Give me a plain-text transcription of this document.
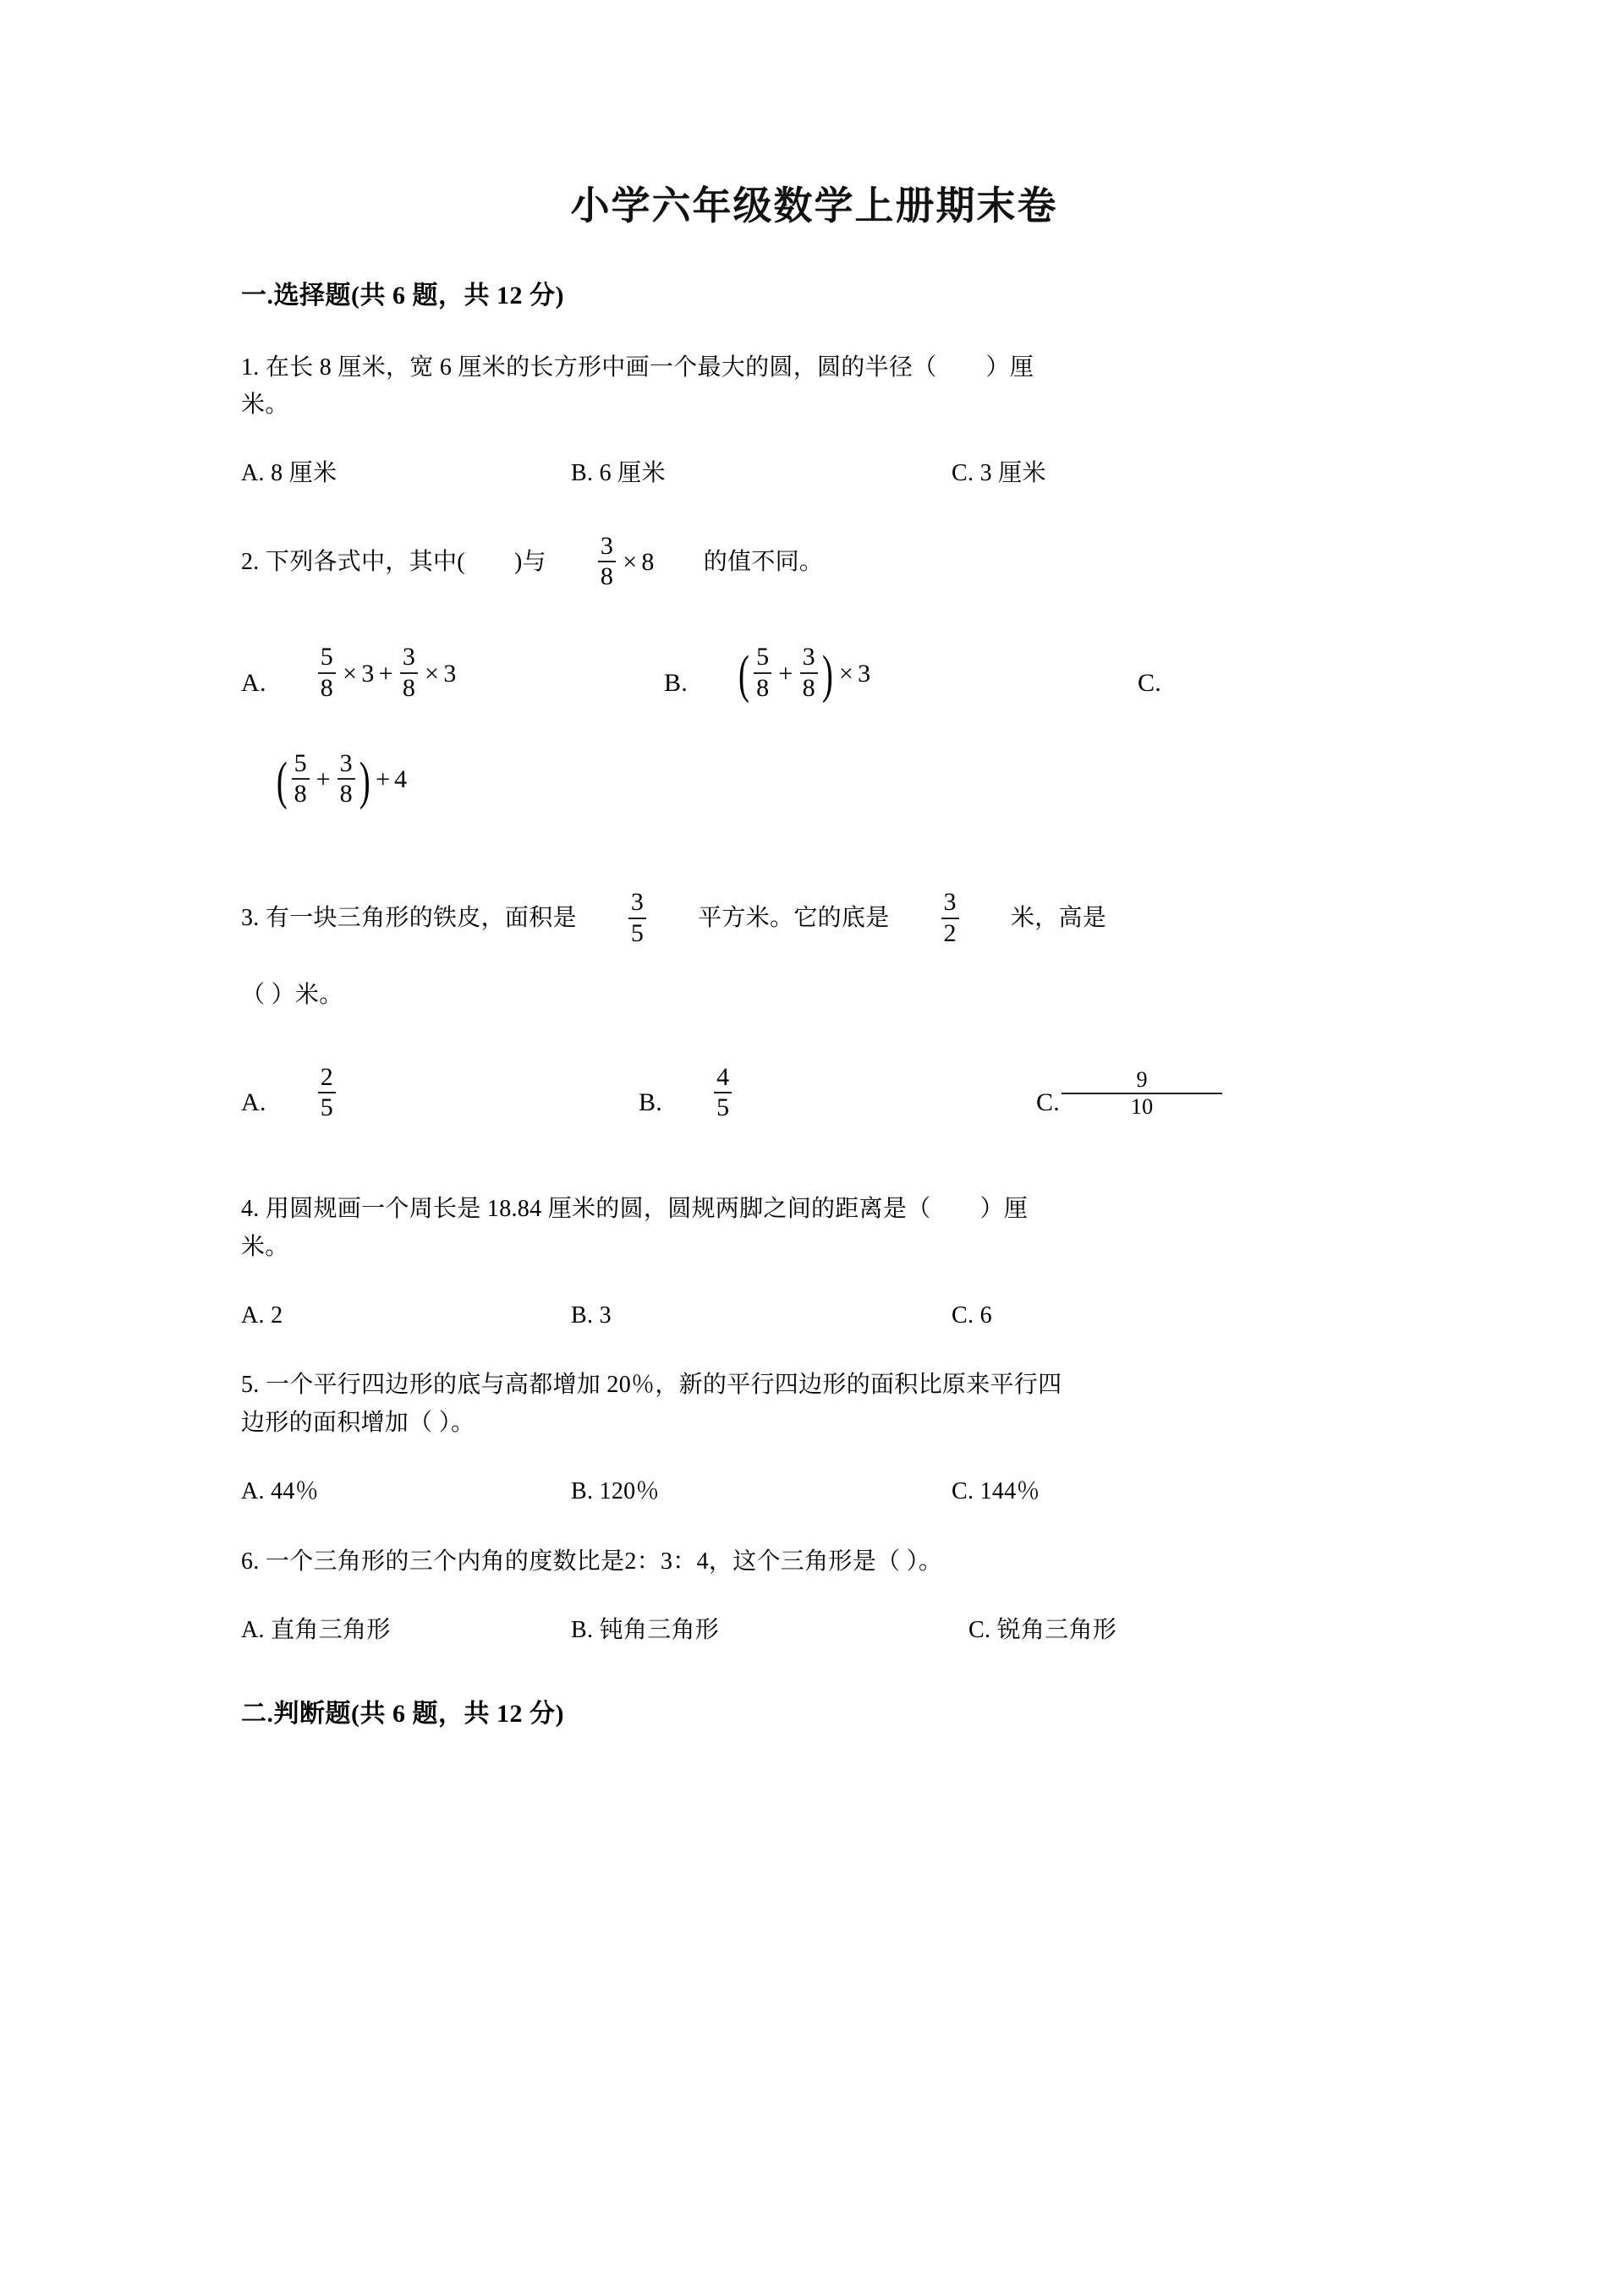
小学六年级数学上册期末卷
一.选择题(共 6 题，共 12 分)
1. 在长 8 厘米，宽 6 厘米的长方形中画一个最大的圆，圆的半径（ ）厘
米。
A. 8 厘米	B. 6 厘米	C. 3 厘米
2. 下列各式中，其中( )与 $\frac{3}{8} \times 8$ 的值不同。
A. $\frac{5}{8} \times 3 + \frac{3}{8} \times 3$	B. ( $\frac{5}{8} + \frac{3}{8}$ ) × 3	C.
( $\frac{5}{8} + \frac{3}{8}$ ) + 4
3. 有一块三角形的铁皮，面积是 $\frac{3}{5}$ 平方米。它的底是 $\frac{3}{2}$ 米，高是
（ ）米。
A. $\frac{2}{5}$	B. $\frac{4}{5}$	C. $\frac{9}{10}$
4. 用圆规画一个周长是 18.84 厘米的圆，圆规两脚之间的距离是（ ）厘
米。
A. 2	B. 3	C. 6
5. 一个平行四边形的底与高都增加 20％，新的平行四边形的面积比原来平行四
边形的面积增加（ ）。
A. 44％	B. 120％	C. 144％
6. 一个三角形的三个内角的度数比是2：3：4，这个三角形是（ ）。
A. 直角三角形	B. 钝角三角形	C. 锐角三角形
二.判断题(共 6 题，共 12 分)
